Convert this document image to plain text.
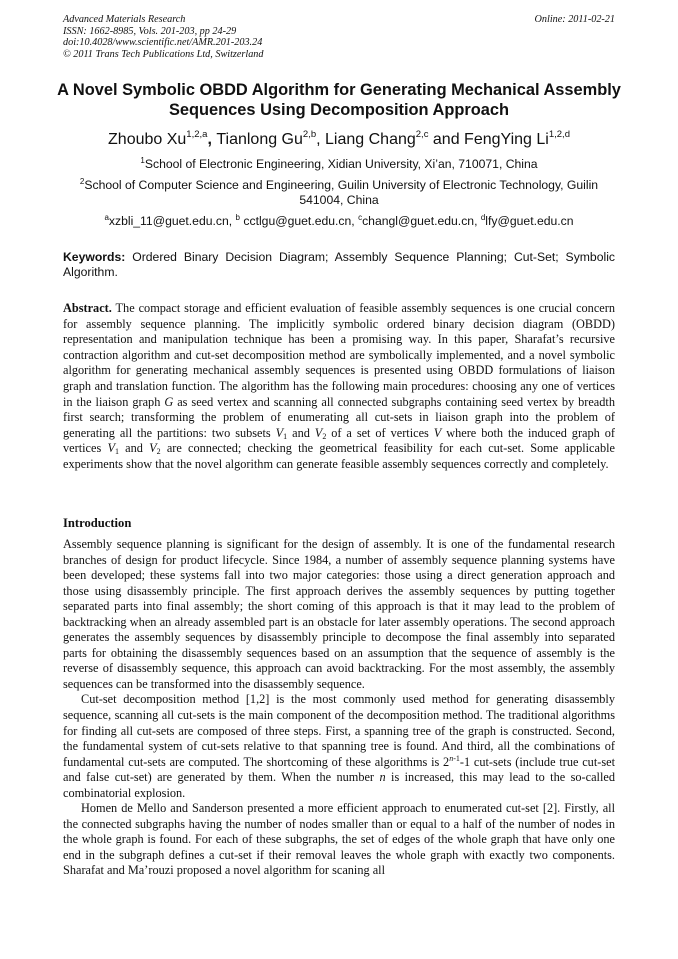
Advanced Materials Research
ISSN: 1662-8985, Vols. 201-203, pp 24-29
doi:10.4028/www.scientific.net/AMR.201-203.24
© 2011 Trans Tech Publications Ltd, Switzerland
Online: 2011-02-21
A Novel Symbolic OBDD Algorithm for Generating Mechanical Assembly
Sequences Using Decomposition Approach
Zhoubo Xu$^{1,2,a}$, Tianlong Gu$^{2,b}$, Liang Chang$^{2,c}$ and FengYing Li$^{1,2,d}$
$^1$School of Electronic Engineering, Xidian University, Xi’an, 710071, China
$^2$School of Computer Science and Engineering, Guilin University of Electronic Technology, Guilin 541004, China
$^a$xzbli_11@guet.edu.cn, $^b$ cctlgu@guet.edu.cn, $^c$changl@guet.edu.cn, $^d$lfy@guet.edu.cn
Keywords: Ordered Binary Decision Diagram; Assembly Sequence Planning; Cut-Set; Symbolic Algorithm.
Abstract. The compact storage and efficient evaluation of feasible assembly sequences is one crucial concern for assembly sequence planning. The implicitly symbolic ordered binary decision diagram (OBDD) representation and manipulation technique has been a promising way. In this paper, Sharafat’s recursive contraction algorithm and cut-set decomposition method are symbolically implemented, and a novel symbolic algorithm for generating mechanical assembly sequences is presented using OBDD formulations of liaison graph and translation function. The algorithm has the following main procedures: choosing any one of vertices in the liaison graph G as seed vertex and scanning all connected subgraphs containing seed vertex by breadth first search; transforming the problem of enumerating all cut-sets in liaison graph into the problem of generating all the partitions: two subsets $V_1$ and $V_2$ of a set of vertices V where both the induced graph of vertices $V_1$ and $V_2$ are connected; checking the geometrical feasibility for each cut-set. Some applicable experiments show that the novel algorithm can generate feasible assembly sequences correctly and completely.
Introduction

Assembly sequence planning is significant for the design of assembly. It is one of the fundamental research branches of design for product lifecycle. Since 1984, a number of assembly sequence planning systems have been developed; these systems fall into two major categories: those using a direct generation approach and those using disassembly principle. The first approach derives the assembly sequences by putting together separated parts into final assembly; the short coming of this approach is that it may lead to the problem of backtracking when an already assembled part is an obstacle for later assembly operations. The second approach generates the assembly sequences by disassembly principle to decompose the final assembly into separated parts for obtaining the disassembly sequences based on an assumption that the sequence of assembly is the reverse of disassembly sequence, this approach can avoid backtracking. For the most assembly, the assembly sequences can be transformed into the disassembly sequence.

Cut-set decomposition method [1,2] is the most commonly used method for generating disassembly sequence, scanning all cut-sets is the main component of the decomposition method. The traditional algorithms for finding all cut-sets are composed of three steps. First, a spanning tree of the graph is constructed. Second, the fundamental system of cut-sets relative to that spanning tree is found. And third, all the combinations of fundamental cut-sets are computed. The shortcoming of these algorithms is 2$^{n-1}$-1 cut-sets (include true cut-set and false cut-set) are generated by them. When the number n is increased, this may lead to the so-called combinatorial explosion.

Homen de Mello and Sanderson presented a more efficient approach to enumerated cut-set [2]. Firstly, all the connected subgraphs having the number of nodes smaller than or equal to a half of the number of nodes in the whole graph is found. For each of these subgraphs, the set of edges of the whole graph that have only one end in the subgraph defines a cut-set if their removal leaves the whole graph with exactly two components. Sharafat and Ma’rouzi proposed a novel algorithm for scaning all
